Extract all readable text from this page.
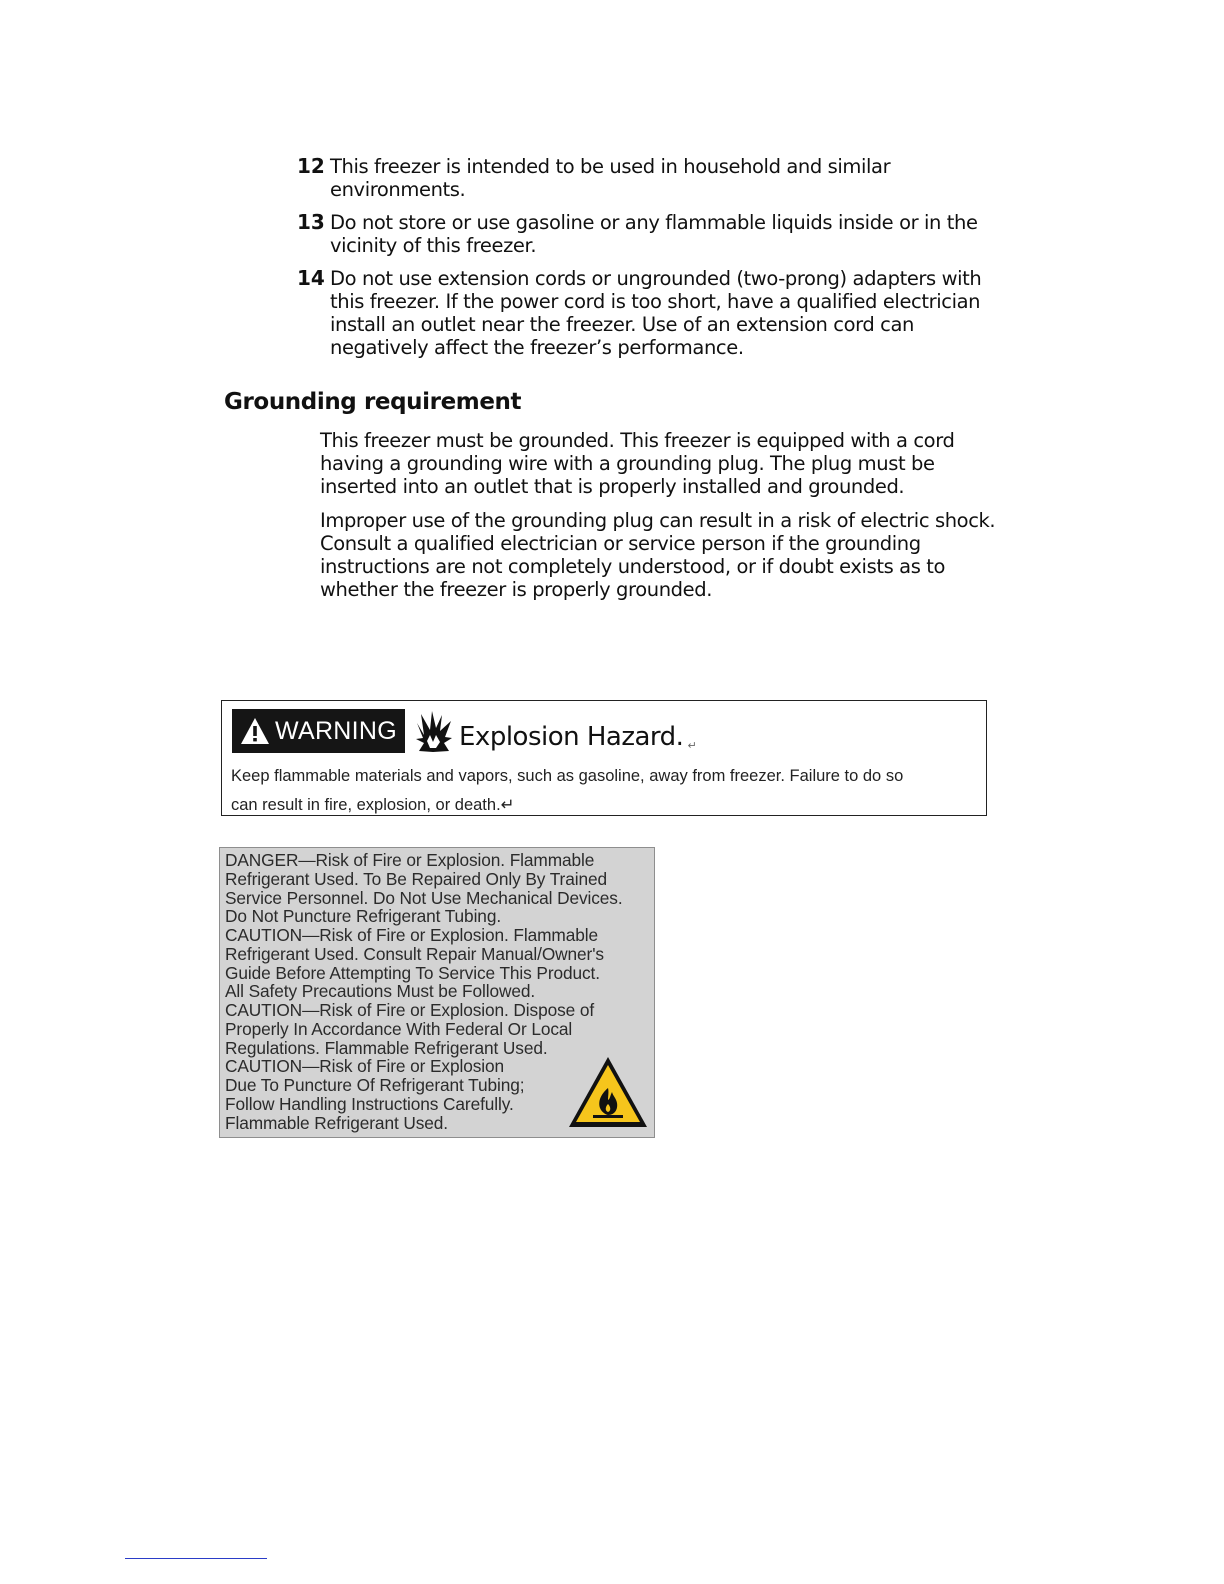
12 This freezer is intended to be used in household and similar
environments.
13 Do not store or use gasoline or any flammable liquids inside or in the
vicinity of this freezer.
14 Do not use extension cords or ungrounded (two-prong) adapters with
this freezer. If the power cord is too short, have a qualified electrician
install an outlet near the freezer. Use of an extension cord can
negatively affect the freezer’s performance.
Grounding requirement
This freezer must be grounded. This freezer is equipped with a cord
having a grounding wire with a grounding plug. The plug must be
inserted into an outlet that is properly installed and grounded.
Improper use of the grounding plug can result in a risk of electric shock.
Consult a qualified electrician or service person if the grounding
instructions are not completely understood, or if doubt exists as to
whether the freezer is properly grounded.
WARNING Explosion Hazard. ↵

Keep flammable materials and vapors, such as gasoline, away from freezer. Failure to do so
can result in fire, explosion, or death.↵

DANGER—Risk of Fire or Explosion. Flammable
Refrigerant Used. To Be Repaired Only By Trained
Service Personnel. Do Not Use Mechanical Devices.
Do Not Puncture Refrigerant Tubing.
CAUTION—Risk of Fire or Explosion. Flammable
Refrigerant Used. Consult Repair Manual/Owner's
Guide Before Attempting To Service This Product.
All Safety Precautions Must be Followed.
CAUTION—Risk of Fire or Explosion. Dispose of
Properly In Accordance With Federal Or Local
Regulations. Flammable Refrigerant Used.
CAUTION—Risk of Fire or Explosion
Due To Puncture Of Refrigerant Tubing;
Follow Handling Instructions Carefully.
Flammable Refrigerant Used.
